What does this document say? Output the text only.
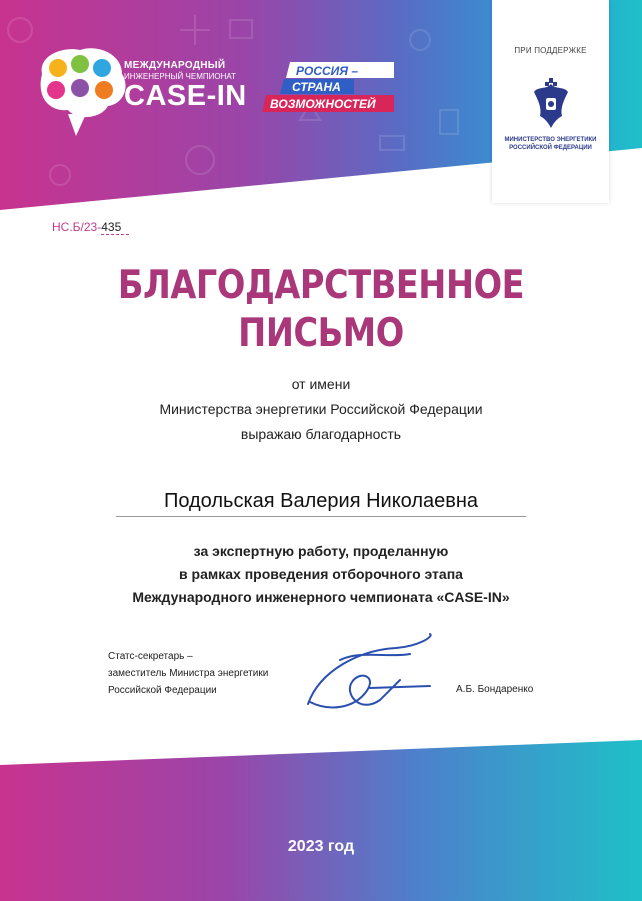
МЕЖДУНАРОДНЫЙ
ИНЖЕНЕРНЫЙ ЧЕМПИОНАТ
CASE-IN
РОССИЯ –
СТРАНА
ВОЗМОЖНОСТЕЙ
ПРИ ПОДДЕРЖКЕ
МИНИСТЕРСТВО ЭНЕРГЕТИКИ
РОССИЙСКОЙ ФЕДЕРАЦИИ
НС.Б/23-435
БЛАГОДАРСТВЕННОЕ
ПИСЬМО
от имени
Министерства энергетики Российской Федерации
выражаю благодарность
Подольская Валерия Николаевна
за экспертную работу, проделанную
в рамках проведения отборочного этапа
Международного инженерного чемпионата «CASE-IN»
Статс-секретарь –
заместитель Министра энергетики
Российской Федерации	А.Б. Бондаренко
2023 год
